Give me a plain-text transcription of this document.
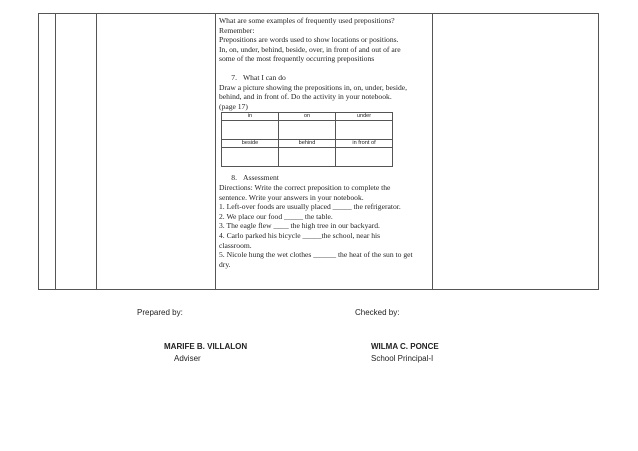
What are some examples of frequently used prepositions?

Remember:

Prepositions are words used to show locations or positions.

In, on, under, behind, beside, over, in front of and out of are

some of the most frequently occurring prepositions

7. What I can do

Draw a picture showing the prepositions in, on, under, beside,

behind, and in front of. Do the activity in your notebook.

(page 17)

in	on	under

beside	behind	in front of

8. Assessment

Directions: Write the correct preposition to complete the

sentence. Write your answers in your notebook.

1. Left-over foods are usually placed _____ the refrigerator.

2. We place our food _____ the table.

3. The eagle flew ____ the high tree in our backyard.

4. Carlo parked his bicycle _____the school, near his

classroom.

5. Nicole hung the wet clothes ______ the heat of the sun to get

dry.

Prepared by:	Checked by:
MARIFE B. VILLALON
Adviser
WILMA C. PONCE
School Principal-I
